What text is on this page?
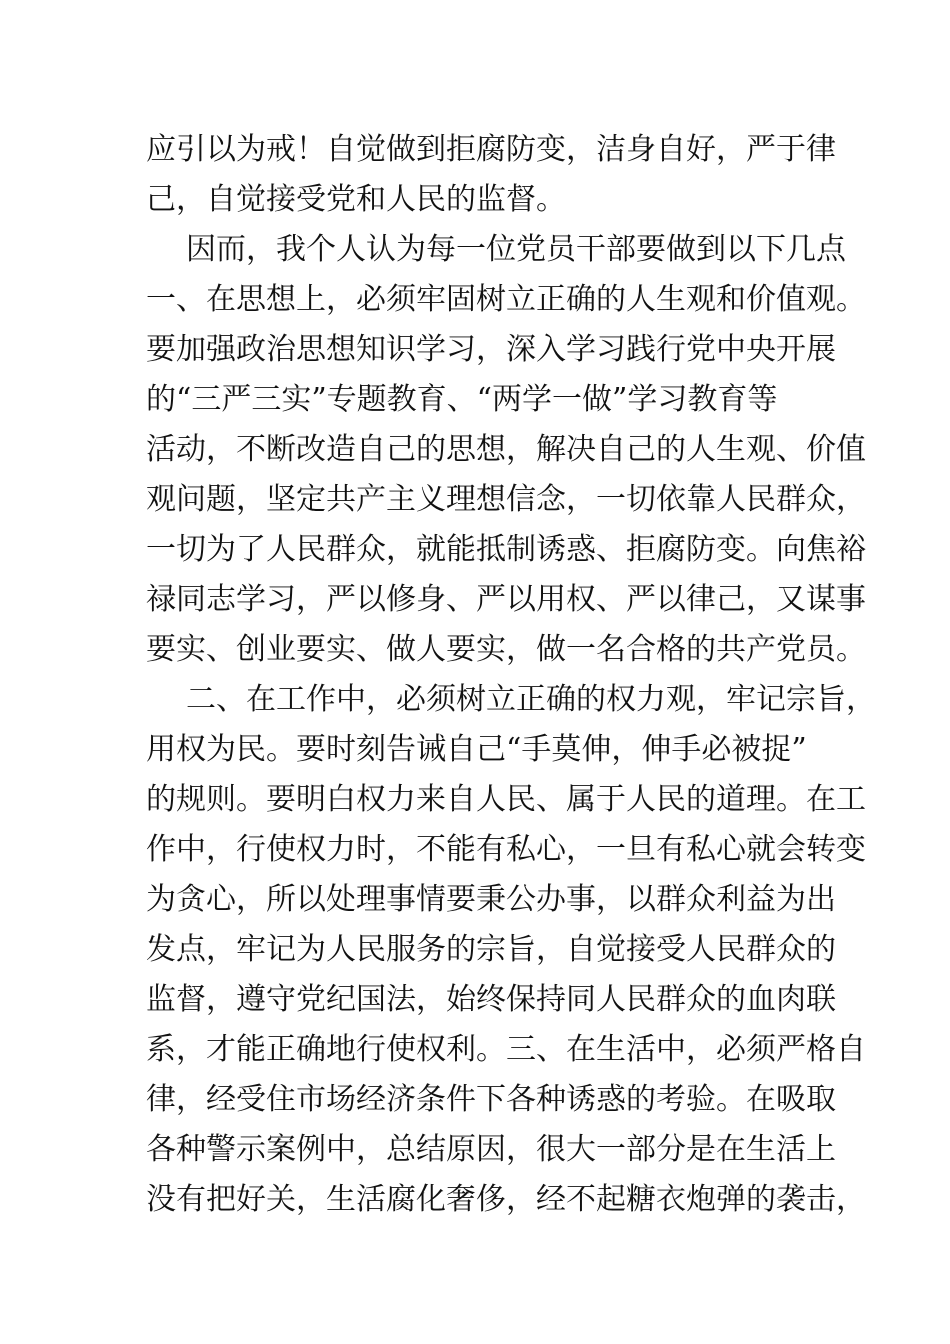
应引以为戒！自觉做到拒腐防变，洁身自好，严于律
己，自觉接受党和人民的监督。
因而，我个人认为每一位党员干部要做到以下几点
一、在思想上，必须牢固树立正确的人生观和价值观。
要加强政治思想知识学习，深入学习践行党中央开展
的“三严三实”专题教育、“两学一做”学习教育等
活动，不断改造自己的思想，解决自己的人生观、价值
观问题，坚定共产主义理想信念，一切依靠人民群众，
一切为了人民群众，就能抵制诱惑、拒腐防变。向焦裕
禄同志学习，严以修身、严以用权、严以律己，又谋事
要实、创业要实、做人要实，做一名合格的共产党员。
二、在工作中，必须树立正确的权力观，牢记宗旨，
用权为民。要时刻告诫自己“手莫伸，伸手必被捉”
的规则。要明白权力来自人民、属于人民的道理。在工
作中，行使权力时，不能有私心，一旦有私心就会转变
为贪心，所以处理事情要秉公办事，以群众利益为出
发点，牢记为人民服务的宗旨，自觉接受人民群众的
监督，遵守党纪国法，始终保持同人民群众的血肉联
系，才能正确地行使权利。三、在生活中，必须严格自
律，经受住市场经济条件下各种诱惑的考验。在吸取
各种警示案例中，总结原因，很大一部分是在生活上
没有把好关，生活腐化奢侈，经不起糖衣炮弹的袭击，
